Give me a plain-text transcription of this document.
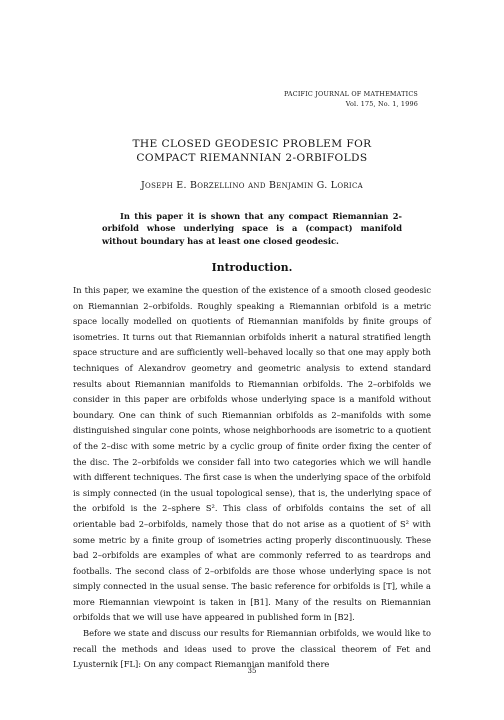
PACIFIC JOURNAL OF MATHEMATICS
Vol. 175, No. 1, 1996
THE CLOSED GEODESIC PROBLEM FOR
COMPACT RIEMANNIAN 2-ORBIFOLDS
Joseph E. Borzellino and Benjamin G. Lorica

In this paper it is shown that any compact Riemannian 2-orbifold whose underlying space is a (compact) manifold without boundary has at least one closed geodesic.

Introduction.

In this paper, we examine the question of the existence of a smooth closed geodesic on Riemannian 2–orbifolds. Roughly speaking a Riemannian orbifold is a metric space locally modelled on quotients of Riemannian manifolds by finite groups of isometries. It turns out that Riemannian orbifolds inherit a natural stratified length space structure and are sufficiently well–behaved locally so that one may apply both techniques of Alexandrov geometry and geometric analysis to extend standard results about Riemannian manifolds to Riemannian orbifolds. The 2–orbifolds we consider in this paper are orbifolds whose underlying space is a manifold without boundary. One can think of such Riemannian orbifolds as 2–manifolds with some distinguished singular cone points, whose neighborhoods are isometric to a quotient of the 2–disc with some metric by a cyclic group of finite order fixing the center of the disc. The 2–orbifolds we consider fall into two categories which we will handle with different techniques. The first case is when the underlying space of the orbifold is simply connected (in the usual topological sense), that is, the underlying space of the orbifold is the 2–sphere S². This class of orbifolds contains the set of all orientable bad 2–orbifolds, namely those that do not arise as a quotient of S² with some metric by a finite group of isometries acting properly discontinuously. These bad 2–orbifolds are examples of what are commonly referred to as teardrops and footballs. The second class of 2–orbifolds are those whose underlying space is not simply connected in the usual sense. The basic reference for orbifolds is [T], while a more Riemannian viewpoint is taken in [B1]. Many of the results on Riemannian orbifolds that we will use have appeared in published form in [B2].

Before we state and discuss our results for Riemannian orbifolds, we would like to recall the methods and ideas used to prove the classical theorem of Fet and Lyusternik [FL]: On any compact Riemannian manifold there

35
